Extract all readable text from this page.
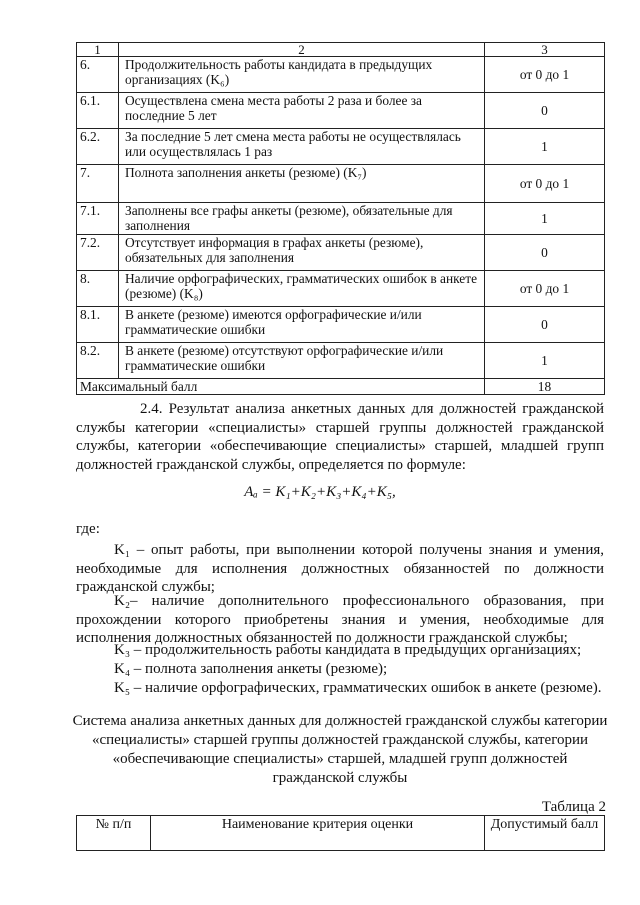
1	2	3
6.	Продолжительность работы кандидата в предыдущих организациях (K₆)	от 0 до 1
6.1.	Осуществлена смена места работы 2 раза и более за последние 5 лет	0
6.2.	За последние 5 лет смена места работы не осуществлялась или осуществлялась 1 раз	1
7.	Полнота заполнения анкеты (резюме) (K₇)	от 0 до 1
7.1.	Заполнены все графы анкеты (резюме), обязательные для заполнения	1
7.2.	Отсутствует информация в графах анкеты (резюме), обязательных для заполнения	0
8.	Наличие орфографических, грамматических ошибок в анкете (резюме) (K₈)	от 0 до 1
8.1.	В анкете (резюме) имеются орфографические и/или грамматические ошибки	0
8.2.	В анкете (резюме) отсутствуют орфографические и/или грамматические ошибки	1
Максимальный балл		18
2.4. Результат анализа анкетных данных для должностей гражданской службы категории «специалисты» старшей группы должностей гражданской службы, категории «обеспечивающие специалисты» старшей, младшей групп должностей гражданской службы, определяется по формуле:
Aₐ = K₁+K₂+K₃+K₄+K₅,
где:
K₁ – опыт работы, при выполнении которой получены знания и умения, необходимые для исполнения должностных обязанностей по должности гражданской службы;
K₂– наличие дополнительного профессионального образования, при прохождении которого приобретены знания и умения, необходимые для исполнения должностных обязанностей по должности гражданской службы;
K₃ – продолжительность работы кандидата в предыдущих организациях;
K₄ – полнота заполнения анкеты (резюме);
K₅ – наличие орфографических, грамматических ошибок в анкете (резюме).
Система анализа анкетных данных для должностей гражданской службы категории «специалисты» старшей группы должностей гражданской службы, категории «обеспечивающие специалисты» старшей, младшей групп должностей гражданской службы
Таблица 2
№ п/п	Наименование критерия оценки	Допустимый балл
